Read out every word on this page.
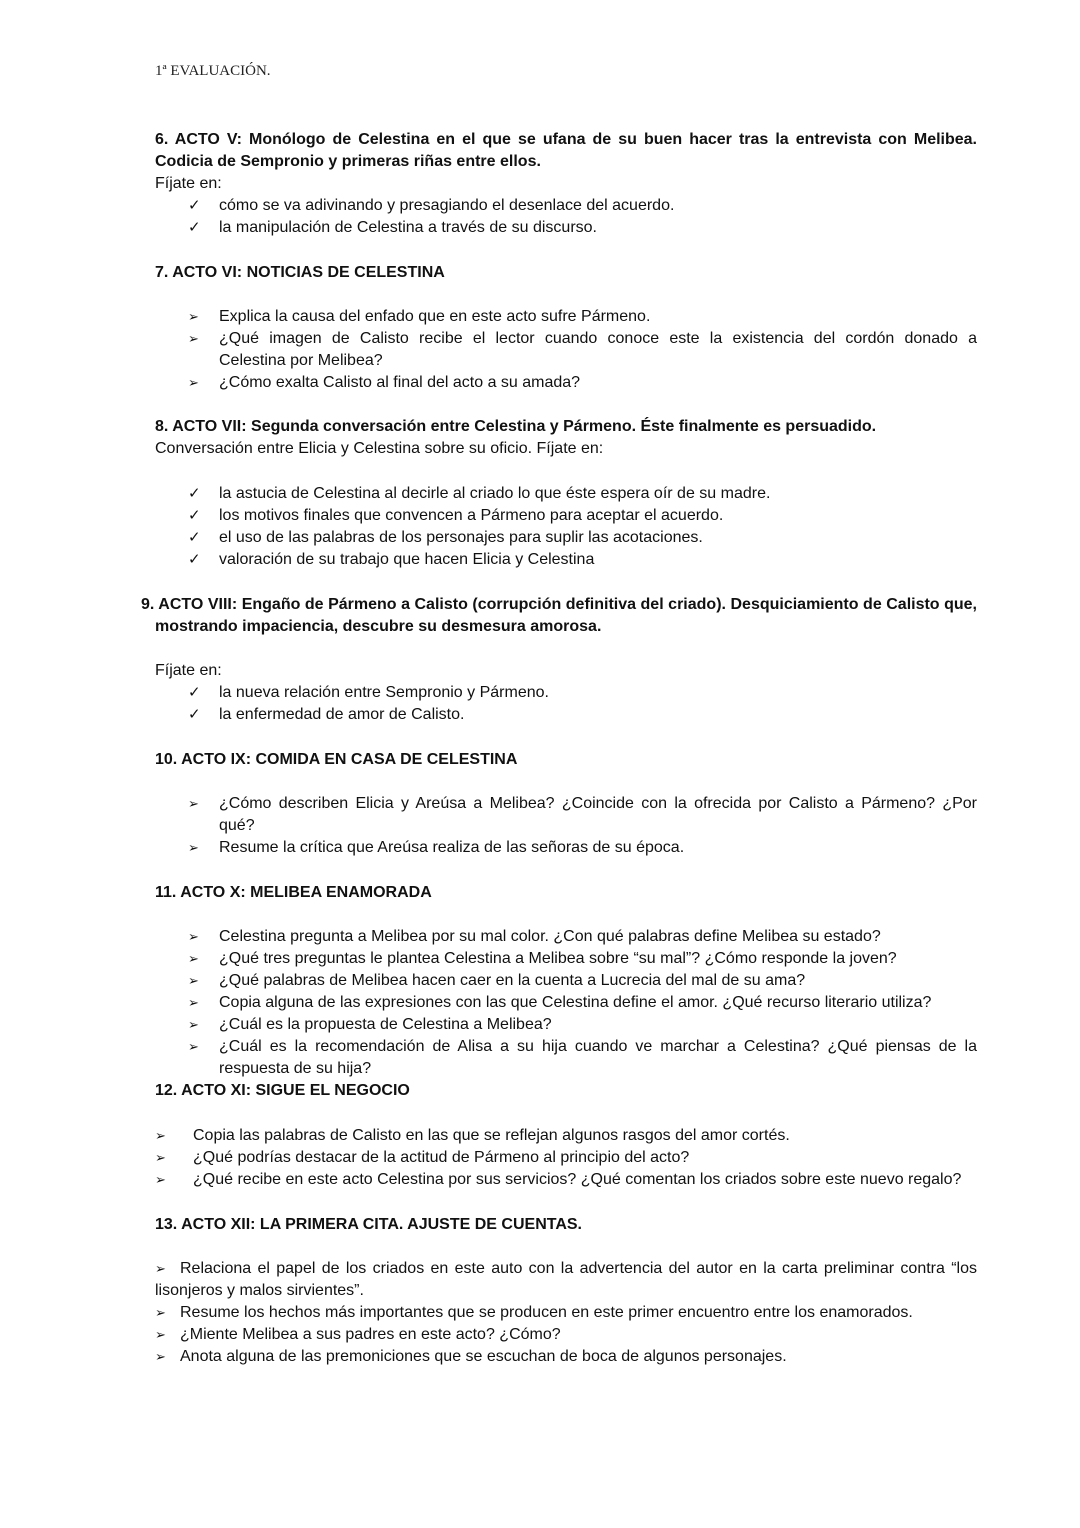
1ª EVALUACIÓN.
6. ACTO V: Monólogo de Celestina en el que se ufana de su buen hacer tras la entrevista con Melibea.
Codicia de Sempronio y primeras riñas entre ellos.
Fíjate en:
✓ cómo se va adivinando y presagiando el desenlace del acuerdo.
✓ la manipulación de Celestina a través de su discurso.
7. ACTO VI: NOTICIAS DE CELESTINA
➢ Explica la causa del enfado que en este acto sufre Pármeno.
➢ ¿Qué imagen de Calisto recibe el lector cuando conoce este la existencia del cordón donado a
Celestina por Melibea?
➢ ¿Cómo exalta Calisto al final del acto a su amada?
8. ACTO VII: Segunda conversación entre Celestina y Pármeno. Éste finalmente es persuadido.
Conversación entre Elicia y Celestina sobre su oficio. Fíjate en:
✓ la astucia de Celestina al decirle al criado lo que éste espera oír de su madre.
✓ los motivos finales que convencen a Pármeno para aceptar el acuerdo.
✓ el uso de las palabras de los personajes para suplir las acotaciones.
✓ valoración de su trabajo que hacen Elicia y Celestina
9. ACTO VIII: Engaño de Pármeno a Calisto (corrupción definitiva del criado). Desquiciamiento de Calisto que,
mostrando impaciencia, descubre su desmesura amorosa.
Fíjate en:
✓ la nueva relación entre Sempronio y Pármeno.
✓ la enfermedad de amor de Calisto.
10. ACTO IX: COMIDA EN CASA DE CELESTINA
➢ ¿Cómo describen Elicia y Areúsa a Melibea? ¿Coincide con la ofrecida por Calisto a Pármeno? ¿Por
qué?
➢ Resume la crítica que Areúsa realiza de las señoras de su época.
11. ACTO X: MELIBEA ENAMORADA
➢ Celestina pregunta a Melibea por su mal color. ¿Con qué palabras define Melibea su estado?
➢ ¿Qué tres preguntas le plantea Celestina a Melibea sobre “su mal”? ¿Cómo responde la joven?
➢ ¿Qué palabras de Melibea hacen caer en la cuenta a Lucrecia del mal de su ama?
➢ Copia alguna de las expresiones con las que Celestina define el amor. ¿Qué recurso literario utiliza?
➢ ¿Cuál es la propuesta de Celestina a Melibea?
➢ ¿Cuál es la recomendación de Alisa a su hija cuando ve marchar a Celestina? ¿Qué piensas de la
respuesta de su hija?
12. ACTO XI: SIGUE EL NEGOCIO
➢ Copia las palabras de Calisto en las que se reflejan algunos rasgos del amor cortés.
➢ ¿Qué podrías destacar de la actitud de Pármeno al principio del acto?
➢ ¿Qué recibe en este acto Celestina por sus servicios? ¿Qué comentan los criados sobre este nuevo regalo?
13. ACTO XII: LA PRIMERA CITA. AJUSTE DE CUENTAS.
➢ Relaciona el papel de los criados en este auto con la advertencia del autor en la carta preliminar contra “los
lisonjeros y malos sirvientes”.
➢ Resume los hechos más importantes que se producen en este primer encuentro entre los enamorados.
➢ ¿Miente Melibea a sus padres en este acto? ¿Cómo?
➢ Anota alguna de las premoniciones que se escuchan de boca de algunos personajes.
